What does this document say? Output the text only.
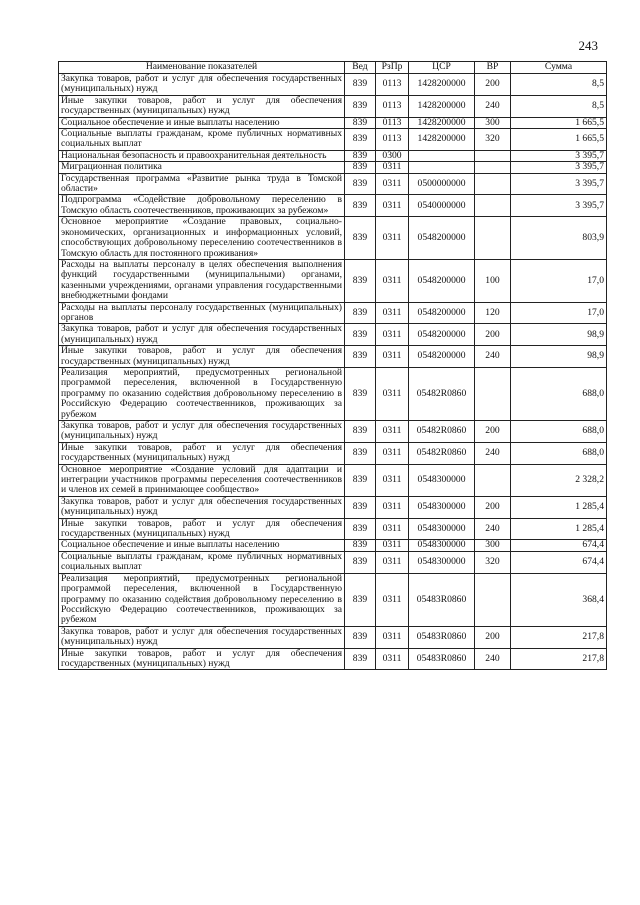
243
Наименование показателей	Вед	РзПр	ЦСР	ВР	Сумма
Закупка товаров, работ и услуг для обеспечения государственных (муниципальных) нужд	839	0113	1428200000	200	8,5
Иные закупки товаров, работ и услуг для обеспечения государственных (муниципальных) нужд	839	0113	1428200000	240	8,5
Социальное обеспечение и иные выплаты населению	839	0113	1428200000	300	1 665,5
Социальные выплаты гражданам, кроме публичных нормативных социальных выплат	839	0113	1428200000	320	1 665,5
Национальная безопасность и правоохранительная деятельность	839	0300			3 395,7
Миграционная политика	839	0311			3 395,7
Государственная программа «Развитие рынка труда в Томской области»	839	0311	0500000000		3 395,7
Подпрограмма «Содействие добровольному переселению в Томскую область соотечественников, проживающих за рубежом»	839	0311	0540000000		3 395,7
Основное мероприятие «Создание правовых, социально-экономических, организационных и информационных условий, способствующих добровольному переселению соотечественников в Томскую область для постоянного проживания»	839	0311	0548200000		803,9
Расходы на выплаты персоналу в целях обеспечения выполнения функций государственными (муниципальными) органами, казенными учреждениями, органами управления государственными внебюджетными фондами	839	0311	0548200000	100	17,0
Расходы на выплаты персоналу государственных (муниципальных) органов	839	0311	0548200000	120	17,0
Закупка товаров, работ и услуг для обеспечения государственных (муниципальных) нужд	839	0311	0548200000	200	98,9
Иные закупки товаров, работ и услуг для обеспечения государственных (муниципальных) нужд	839	0311	0548200000	240	98,9
Реализация мероприятий, предусмотренных региональной программой переселения, включенной в Государственную программу по оказанию содействия добровольному переселению в Российскую Федерацию соотечественников, проживающих за рубежом	839	0311	05482R0860		688,0
Закупка товаров, работ и услуг для обеспечения государственных (муниципальных) нужд	839	0311	05482R0860	200	688,0
Иные закупки товаров, работ и услуг для обеспечения государственных (муниципальных) нужд	839	0311	05482R0860	240	688,0
Основное мероприятие «Создание условий для адаптации и интеграции участников программы переселения соотечественников и членов их семей в принимающее сообщество»	839	0311	0548300000		2 328,2
Закупка товаров, работ и услуг для обеспечения государственных (муниципальных) нужд	839	0311	0548300000	200	1 285,4
Иные закупки товаров, работ и услуг для обеспечения государственных (муниципальных) нужд	839	0311	0548300000	240	1 285,4
Социальное обеспечение и иные выплаты населению	839	0311	0548300000	300	674,4
Социальные выплаты гражданам, кроме публичных нормативных социальных выплат	839	0311	0548300000	320	674,4
Реализация мероприятий, предусмотренных региональной программой переселения, включенной в Государственную программу по оказанию содействия добровольному переселению в Российскую Федерацию соотечественников, проживающих за рубежом	839	0311	05483R0860		368,4
Закупка товаров, работ и услуг для обеспечения государственных (муниципальных) нужд	839	0311	05483R0860	200	217,8
Иные закупки товаров, работ и услуг для обеспечения государственных (муниципальных) нужд	839	0311	05483R0860	240	217,8
